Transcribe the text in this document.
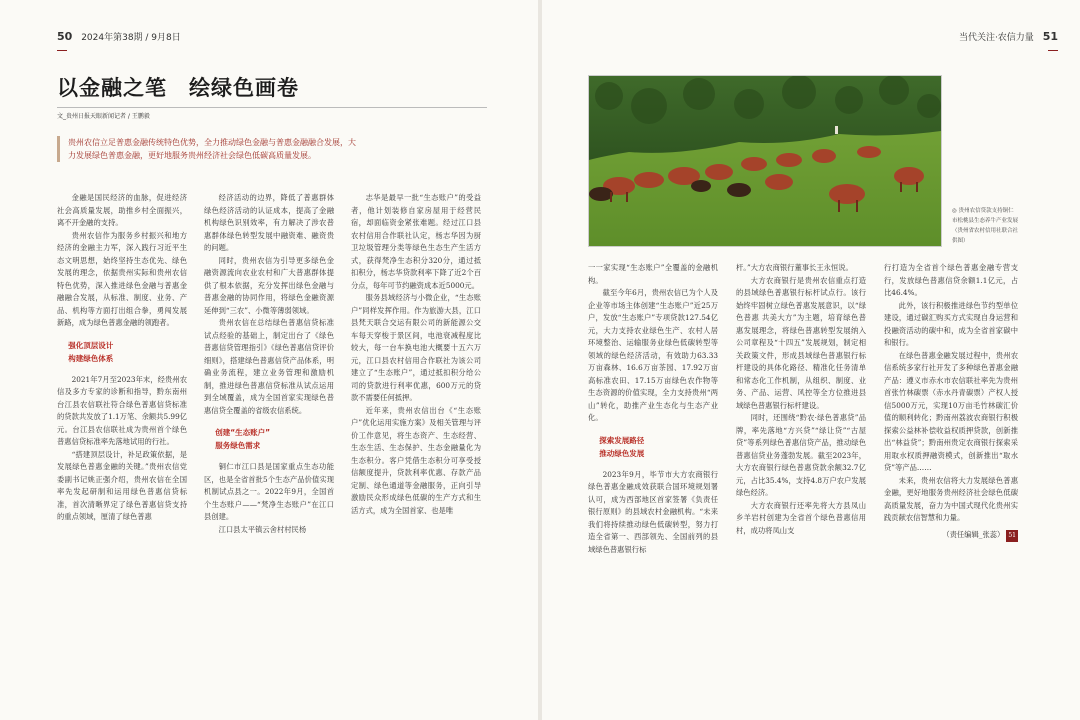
50 2024年第38期 / 9月8日
以金融之笔　绘绿色画卷
文_贵州日报天眼新闻记者 / 王鹏毅
贵州农信立足普惠金融传统特色优势，全力推动绿色金融与普惠金融融合发展，大力发展绿色普惠金融，更好地服务贵州经济社会绿色低碳高质量发展。

金融是国民经济的血脉，促进经济社会高质量发展，助推乡村全面振兴，离不开金融的支持。

贵州农信作为服务乡村振兴和地方经济的金融主力军，深入践行习近平生态文明思想，始终坚持生态优先、绿色发展的理念，依据贵州实际和贵州农信特色优势，深入推进绿色金融与普惠金融融合发展，从标准、制度、业务、产品、机构等方面打出组合拳，勇闯发展新路，成为绿色普惠金融的领跑者。

强化顶层设计
构建绿色体系

2021年7月至2023年末，经贵州农信及多方专家的诊断和指导，黔东南州台江县农信联社符合绿色普惠信贷标准的贷款共发放了1.1万笔、余额共5.99亿元。台江县农信联社成为贵州首个绿色普惠信贷标准率先落地试用的行社。

“搭建顶层设计，补足政策依据，是发展绿色普惠金融的关键。”贵州农信党委副书记姚正强介绍，贵州农信在全国率先发起研制和运用绿色普惠信贷标准，首次清晰界定了绿色普惠信贷支持的重点领域，厘清了绿色普惠

经济活动的边界，降低了普惠群体绿色经济活动的认证成本，提高了金融机构绿色识别效率，有力解决了涉农普惠群体绿色转型发展中融资难、融资贵的问题。

同时，贵州农信为引导更多绿色金融资源流向农业农村和广大普惠群体提供了根本依据，充分发挥出绿色金融与普惠金融的协同作用，将绿色金融资源延伸到“三农”、小微等薄弱领域。

贵州农信在总结绿色普惠信贷标准试点经验的基础上，制定出台了《绿色普惠信贷管理指引》《绿色普惠信贷评价细则》，搭建绿色普惠信贷产品体系，明确业务流程，建立业务管理和激励机制，推进绿色普惠信贷标准从试点运用到全域覆盖，成为全国首家实现绿色普惠信贷全覆盖的省级农信系统。

创建“生态账户”
服务绿色需求

铜仁市江口县是国家重点生态功能区，也是全省首批5个生态产品价值实现机制试点县之一。2022年9月，全国首个生态账户——“梵净生态账户”在江口县创建。

江口县太平镇云舍村村民杨

志华是最早一批“生态账户”的受益者，他计划装修自家房屋用于经营民宿，却面临资金紧张难题。经过江口县农村信用合作联社认定，杨志华因为厨卫垃圾管理分类等绿色生态生产生活方式，获得梵净生态积分320分，通过抵扣积分，杨志华贷款利率下降了近2个百分点，每年可节约融资成本近5000元。

服务县域经济与小微企业，“生态账户”同样发挥作用。作为旅游大县，江口县梵天联合交运有限公司的新能源公交车每天穿梭于景区间，电池衰减程度比较大，每一台车换电池大概要十五六万元，江口县农村信用合作联社为该公司建立了“生态账户”，通过抵扣积分给公司的贷款进行利率优惠，600万元的贷款不需要任何抵押。

近年来，贵州农信出台《“生态账户”优化运用实施方案》及相关管理与评价工作意见，将生态资产、生态经营、生态生活、生态保护、生态金融量化为生态积分。客户凭借生态积分可享受授信额度提升，贷款利率优惠、存款产品定制、绿色通道等金融服务，正向引导激励民众形成绿色低碳的生产方式和生活方式，成为全国首家、也是唯

当代关注·农信力量 51
◎ 贵州农信贷款支持铜仁市松桃县生态养牛产业发展（贵州省农村信用社联合社供图）

一一家实现“生态账户”全覆盖的金融机构。

截至今年6月，贵州农信已为个人及企业等市场主体创建“生态账户”近25万户，发放“生态账户”专项贷款127.54亿元，大力支持农业绿色生产、农村人居环境整治、运输服务业绿色低碳转型等领域的绿色经济活动，有效助力63.33万亩森林、16.6万亩茶园、17.92万亩高标准农田、17.15万亩绿色农作物等生态资源的价值实现，全力支持贵州“两山”转化，助推产业生态化与生态产业化。

探索发展路径
推动绿色发展

2023年9月，毕节市大方农商银行绿色普惠金融成效获联合国环境规划署认可，成为西部地区首家签署《负责任银行原则》的县域农村金融机构。“未来我们将持续推动绿色低碳转型，努力打造全省第一、西部领先、全国前列的县域绿色普惠银行标

杆。”大方农商银行董事长王永恒说。

大方农商银行是贵州农信重点打造的县域绿色普惠银行标杆试点行。该行始终牢固树立绿色普惠发展意识，以“绿色普惠 共美大方”为主题，培育绿色普惠发展理念，将绿色普惠转型发展纳入公司章程及“十四五”发展规划，制定相关政策文件，形成县域绿色普惠银行标杆建设的具体化路径、精准化任务清单和常态化工作机制，从组织、制度、业务、产品、运营、风控等全方位推进县域绿色普惠银行标杆建设。

同时，还围绕“黔农·绿色普惠贷”品牌，率先落地“方兴贷”“绿让贷”“古屋贷”等系列绿色普惠信贷产品，推动绿色普惠信贷业务蓬勃发展。截至2023年，大方农商银行绿色普惠贷款余额32.7亿元，占比35.4%，支持4.8万户农户发展绿色经济。

大方农商银行还率先将大方县凤山乡羊岩村创建为全省首个绿色普惠信用村，成功将凤山支

行打造为全省首个绿色普惠金融专营支行，发放绿色普惠信贷余额1.1亿元，占比46.4%。

此外，该行积极推进绿色节约型单位建设，通过碳汇购买方式实现自身运营和投融资活动的碳中和，成为全省首家碳中和银行。

在绿色普惠金融发展过程中，贵州农信系统多家行社开发了多种绿色普惠金融产品：遵义市赤水市农信联社率先为贵州首张竹林碳票（赤水丹青碳票）产权人授信5000万元，实现10万亩毛竹林碳汇价值的顺利转化；黔南州荔波农商银行积极探索公益林补偿收益权质押贷款，创新推出“林益贷”；黔南州贵定农商银行探索采用取水权质押融资模式，创新推出“取水贷”等产品……

未来，贵州农信将大力发展绿色普惠金融，更好地服务贵州经济社会绿色低碳高质量发展，奋力为中国式现代化贵州实践贡献农信智慧和力量。

（责任编辑_张蕊） 51
